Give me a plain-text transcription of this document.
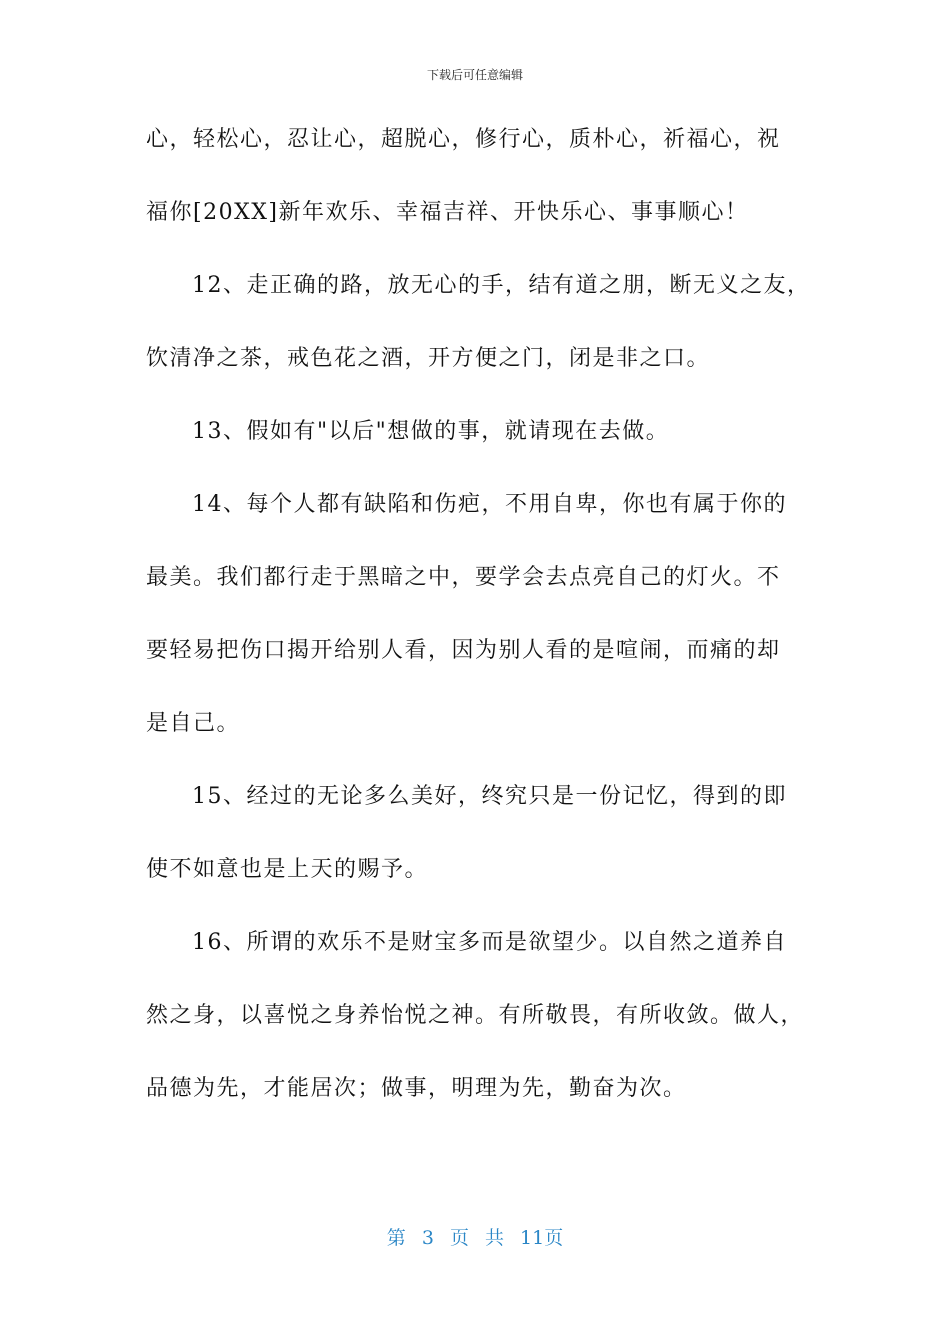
下载后可任意编辑

心，轻松心，忍让心，超脱心，修行心，质朴心，祈福心，祝
福你[20XX]新年欢乐、幸福吉祥、开快乐心、事事顺心！

12、走正确的路，放无心的手，结有道之朋，断无义之友，
饮清净之茶，戒色花之酒，开方便之门，闭是非之口。

13、假如有"以后"想做的事，就请现在去做。

14、每个人都有缺陷和伤疤，不用自卑，你也有属于你的
最美。我们都行走于黑暗之中，要学会去点亮自己的灯火。不
要轻易把伤口揭开给别人看，因为别人看的是喧闹，而痛的却
是自己。

15、经过的无论多么美好，终究只是一份记忆，得到的即
使不如意也是上天的赐予。

16、所谓的欢乐不是财宝多而是欲望少。以自然之道养自
然之身，以喜悦之身养怡悦之神。有所敬畏，有所收敛。做人，
品德为先，才能居次；做事，明理为先，勤奋为次。

第 3 页 共 11页
